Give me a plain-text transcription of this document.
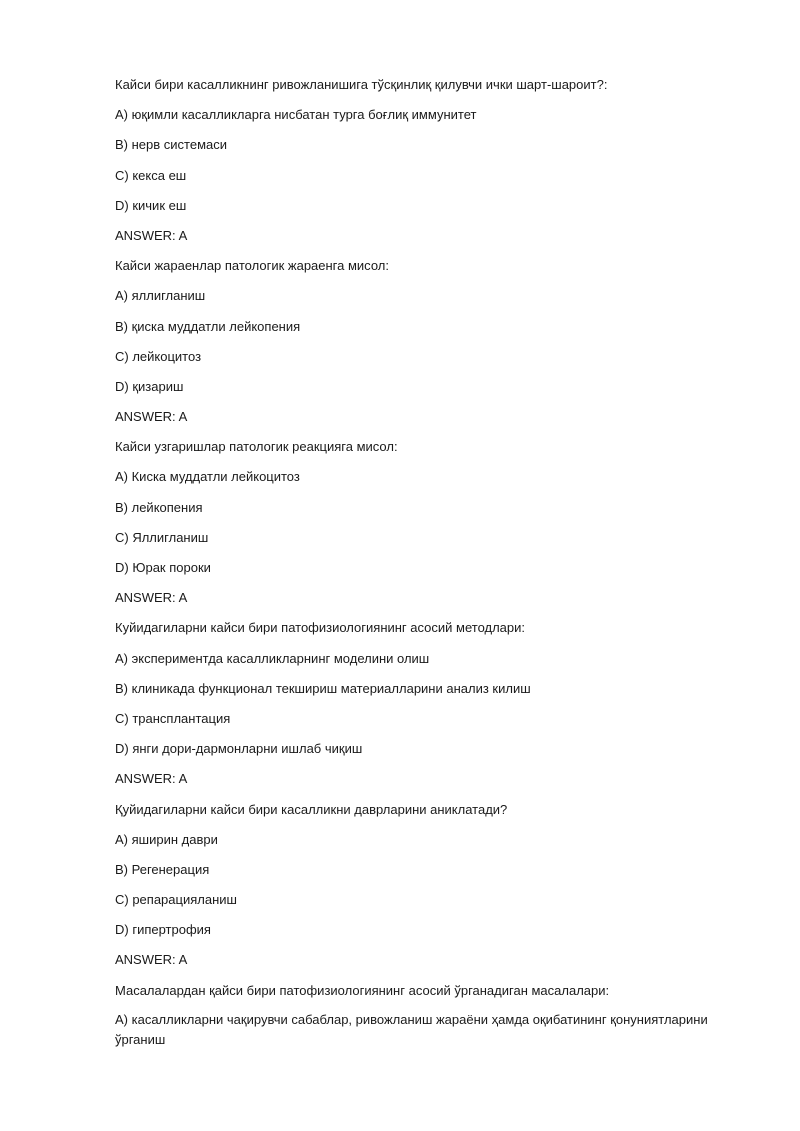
Кайси бири касалликнинг ривожланишига тўсқинлиқ қилувчи ички шарт-шароит?:
A) юқимли касалликларга нисбатан турга боғлиқ иммунитет
B) нерв системаси
C) кекса еш
D) кичик еш
ANSWER: A
Кайси жараенлар патологик жараенга мисол:
A) яллигланиш
B) қиска муддатли лейкопения
C) лейкоцитоз
D) қизариш
ANSWER: A
Кайси узгаришлар патологик реакцияга мисол:
A) Киска муддатли лейкоцитоз
B) лейкопения
C) Яллигланиш
D) Юрак пороки
ANSWER: A
Куйидагиларни кайси бири патофизиологиянинг асосий методлари:
A) экспериментда касалликларнинг моделини олиш
B) клиникада функционал текшириш материалларини анализ килиш
C) трансплантация
D) янги дори-дармонларни ишлаб чиқиш
ANSWER: A
Қуйидагиларни кайси бири касалликни даврларини аниклатади?
A) яширин даври
B) Регенерация
C) репарацияланиш
D) гипертрофия
ANSWER: A
Масалалардан қайси бири патофизиологиянинг асосий ўрганадиган масалалари:
A) касалликларни чақирувчи сабаблар, ривожланиш жараёни ҳамда оқибатининг қонуниятларини ўрганиш
